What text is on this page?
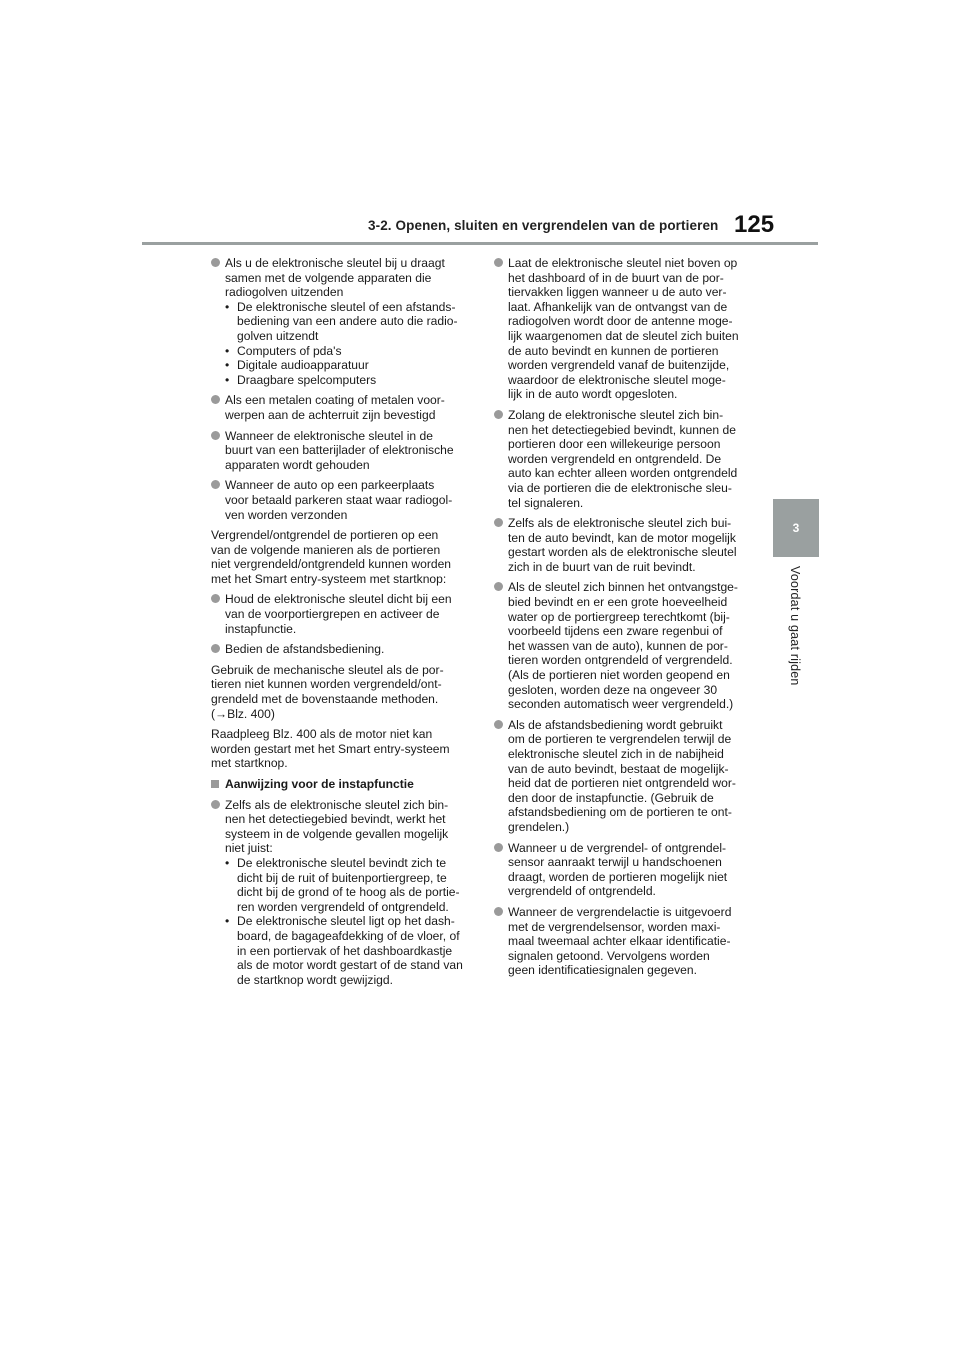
3-2. Openen, sluiten en vergrendelen van de portieren 125
3
Voordat u gaat rijden
Als u de elektronische sleutel bij u draagt
samen met de volgende apparaten die
radiogolven uitzenden
• De elektronische sleutel of een afstands-
bediening van een andere auto die radio-
golven uitzendt
• Computers of pda's
• Digitale audioapparatuur
• Draagbare spelcomputers
Als een metalen coating of metalen voor-
werpen aan de achterruit zijn bevestigd
Wanneer de elektronische sleutel in de
buurt van een batterijlader of elektronische
apparaten wordt gehouden
Wanneer de auto op een parkeerplaats
voor betaald parkeren staat waar radiogol-
ven worden verzonden
Vergrendel/ontgrendel de portieren op een
van de volgende manieren als de portieren
niet vergrendeld/ontgrendeld kunnen worden
met het Smart entry-systeem met startknop:
Houd de elektronische sleutel dicht bij een
van de voorportiergrepen en activeer de
instapfunctie.
Bedien de afstandsbediening.
Gebruik de mechanische sleutel als de por-
tieren niet kunnen worden vergrendeld/ont-
grendeld met de bovenstaande methoden.
(→Blz. 400)
Raadpleeg Blz. 400 als de motor niet kan
worden gestart met het Smart entry-systeem
met startknop.
Aanwijzing voor de instapfunctie
Zelfs als de elektronische sleutel zich bin-
nen het detectiegebied bevindt, werkt het
systeem in de volgende gevallen mogelijk
niet juist:
• De elektronische sleutel bevindt zich te
dicht bij de ruit of buitenportiergreep, te
dicht bij de grond of te hoog als de portie-
ren worden vergrendeld of ontgrendeld.
• De elektronische sleutel ligt op het dash-
board, de bagageafdekking of de vloer, of
in een portiervak of het dashboardkastje
als de motor wordt gestart of de stand van
de startknop wordt gewijzigd.
Laat de elektronische sleutel niet boven op
het dashboard of in de buurt van de por-
tiervakken liggen wanneer u de auto ver-
laat. Afhankelijk van de ontvangst van de
radiogolven wordt door de antenne moge-
lijk waargenomen dat de sleutel zich buiten
de auto bevindt en kunnen de portieren
worden vergrendeld vanaf de buitenzijde,
waardoor de elektronische sleutel moge-
lijk in de auto wordt opgesloten.
Zolang de elektronische sleutel zich bin-
nen het detectiegebied bevindt, kunnen de
portieren door een willekeurige persoon
worden vergrendeld en ontgrendeld. De
auto kan echter alleen worden ontgrendeld
via de portieren die de elektronische sleu-
tel signaleren.
Zelfs als de elektronische sleutel zich bui-
ten de auto bevindt, kan de motor mogelijk
gestart worden als de elektronische sleutel
zich in de buurt van de ruit bevindt.
Als de sleutel zich binnen het ontvangstge-
bied bevindt en er een grote hoeveelheid
water op de portiergreep terechtkomt (bij-
voorbeeld tijdens een zware regenbui of
het wassen van de auto), kunnen de por-
tieren worden ontgrendeld of vergrendeld.
(Als de portieren niet worden geopend en
gesloten, worden deze na ongeveer 30
seconden automatisch weer vergrendeld.)
Als de afstandsbediening wordt gebruikt
om de portieren te vergrendelen terwijl de
elektronische sleutel zich in de nabijheid
van de auto bevindt, bestaat de mogelijk-
heid dat de portieren niet ontgrendeld wor-
den door de instapfunctie. (Gebruik de
afstandsbediening om de portieren te ont-
grendelen.)
Wanneer u de vergrendel- of ontgrendel-
sensor aanraakt terwijl u handschoenen
draagt, worden de portieren mogelijk niet
vergrendeld of ontgrendeld.
Wanneer de vergrendelactie is uitgevoerd
met de vergrendelsensor, worden maxi-
maal tweemaal achter elkaar identificatie-
signalen getoond. Vervolgens worden
geen identificatiesignalen gegeven.
